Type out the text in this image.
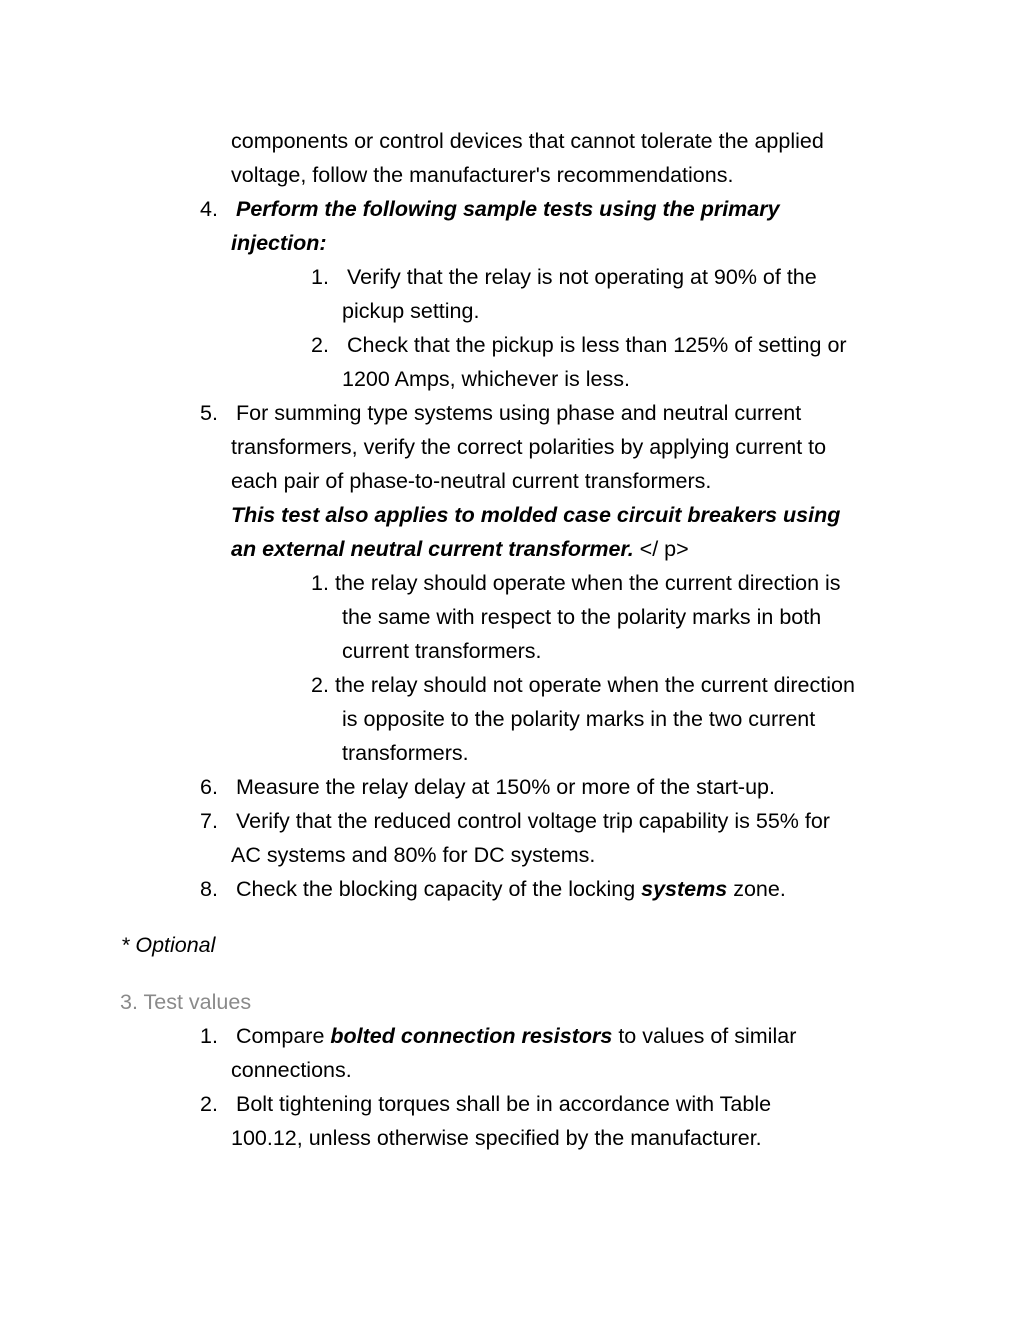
components or control devices that cannot tolerate the applied
voltage, follow the manufacturer's recommendations.
4. Perform the following sample tests using the primary
injection:
1. Verify that the relay is not operating at 90% of the
pickup setting.
2. Check that the pickup is less than 125% of setting or
1200 Amps, whichever is less.
5. For summing type systems using phase and neutral current
transformers, verify the correct polarities by applying current to
each pair of phase-to-neutral current transformers.
This test also applies to molded case circuit breakers using
an external neutral current transformer. </ p>
1. the relay should operate when the current direction is
the same with respect to the polarity marks in both
current transformers.
2. the relay should not operate when the current direction
is opposite to the polarity marks in the two current
transformers.
6. Measure the relay delay at 150% or more of the start-up.
7. Verify that the reduced control voltage trip capability is 55% for
AC systems and 80% for DC systems.
8. Check the blocking capacity of the locking systems zone.
* Optional
3. Test values
1. Compare bolted connection resistors to values of similar
connections.
2. Bolt tightening torques shall be in accordance with Table
100.12, unless otherwise specified by the manufacturer.
